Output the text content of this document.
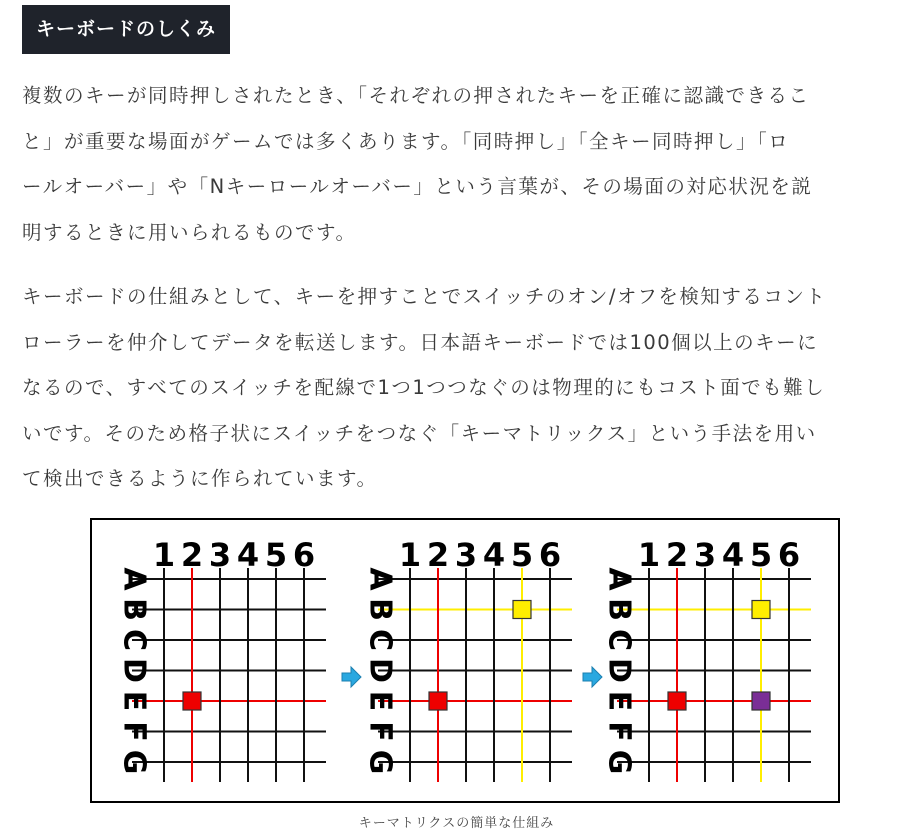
キーボードのしくみ

複数のキーが同時押しされたとき、「それぞれの押されたキーを正確に認識できるこ

と」が重要な場面がゲームでは多くあります。「同時押し」「全キー同時押し」「ロ

ールオーバー」や「Nキーロールオーバー」という言葉が、その場面の対応状況を説

明するときに用いられるものです。

キーボードの仕組みとして、キーを押すことでスイッチのオン/オフを検知するコント

ローラーを仲介してデータを転送します。日本語キーボードでは100個以上のキーに

なるので、すべてのスイッチを配線で1つ1つつなぐのは物理的にもコスト面でも難し

いです。そのため格子状にスイッチをつなぐ「キーマトリックス」という手法を用い

て検出できるように作られています。

1 2 3 4 5 6
A
B
C
D
E
F
G
1 2 3 4 5 6
A
B
C
D
E
F
G
1 2 3 4 5 6
A
B
C
D
E
F
G
キーマトリクスの簡単な仕組み
